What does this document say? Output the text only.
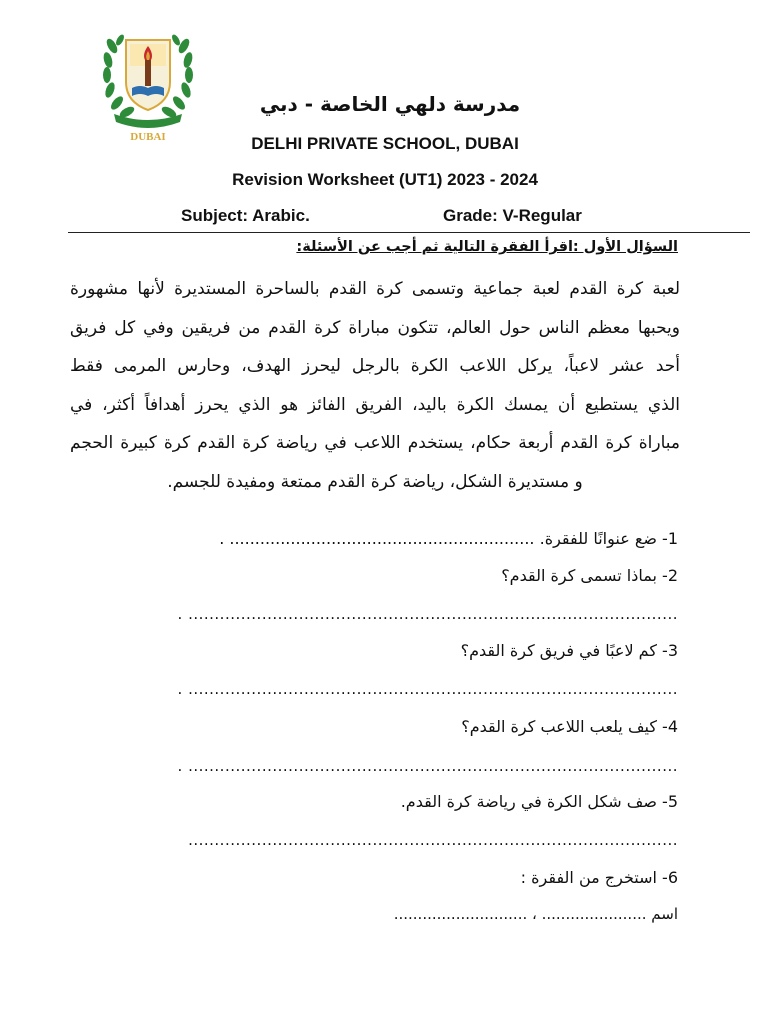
DUBAI
مدرسة دلهي الخاصة - دبي
DELHI PRIVATE SCHOOL, DUBAI
Revision Worksheet (UT1) 2023 - 2024
Subject: Arabic.	Grade: V-Regular
السؤال الأول :اقرأ الفقرة التالية ثم أجب عن الأسئلة:
لعبة كرة القدم لعبة جماعية وتسمى كرة القدم بالساحرة المستديرة لأنها مشهورة
ويحبها معظم الناس حول العالم، تتكون مباراة كرة القدم من فريقين وفي كل فريق
أحد عشر لاعباً، يركل اللاعب الكرة بالرجل ليحرز الهدف، وحارس المرمى فقط
الذي يستطيع أن يمسك الكرة باليد، الفريق الفائز هو الذي يحرز أهدافاً أكثر، في
مباراة كرة القدم أربعة حكام، يستخدم اللاعب في رياضة كرة القدم كرة كبيرة الحجم
و مستديرة الشكل، رياضة كرة القدم ممتعة ومفيدة للجسم.
1- ضع عنوانًا للفقرة. ............................................................ .
2- بماذا تسمى كرة القدم؟
............................................................................................. .
3- كم لاعبًا في فريق كرة القدم؟
............................................................................................. .
4- كيف يلعب اللاعب كرة القدم؟
............................................................................................. .
5- صف شكل الكرة في رياضة كرة القدم.
.............................................................................................
6- استخرج من الفقرة :
اسم ...................... ، ............................
